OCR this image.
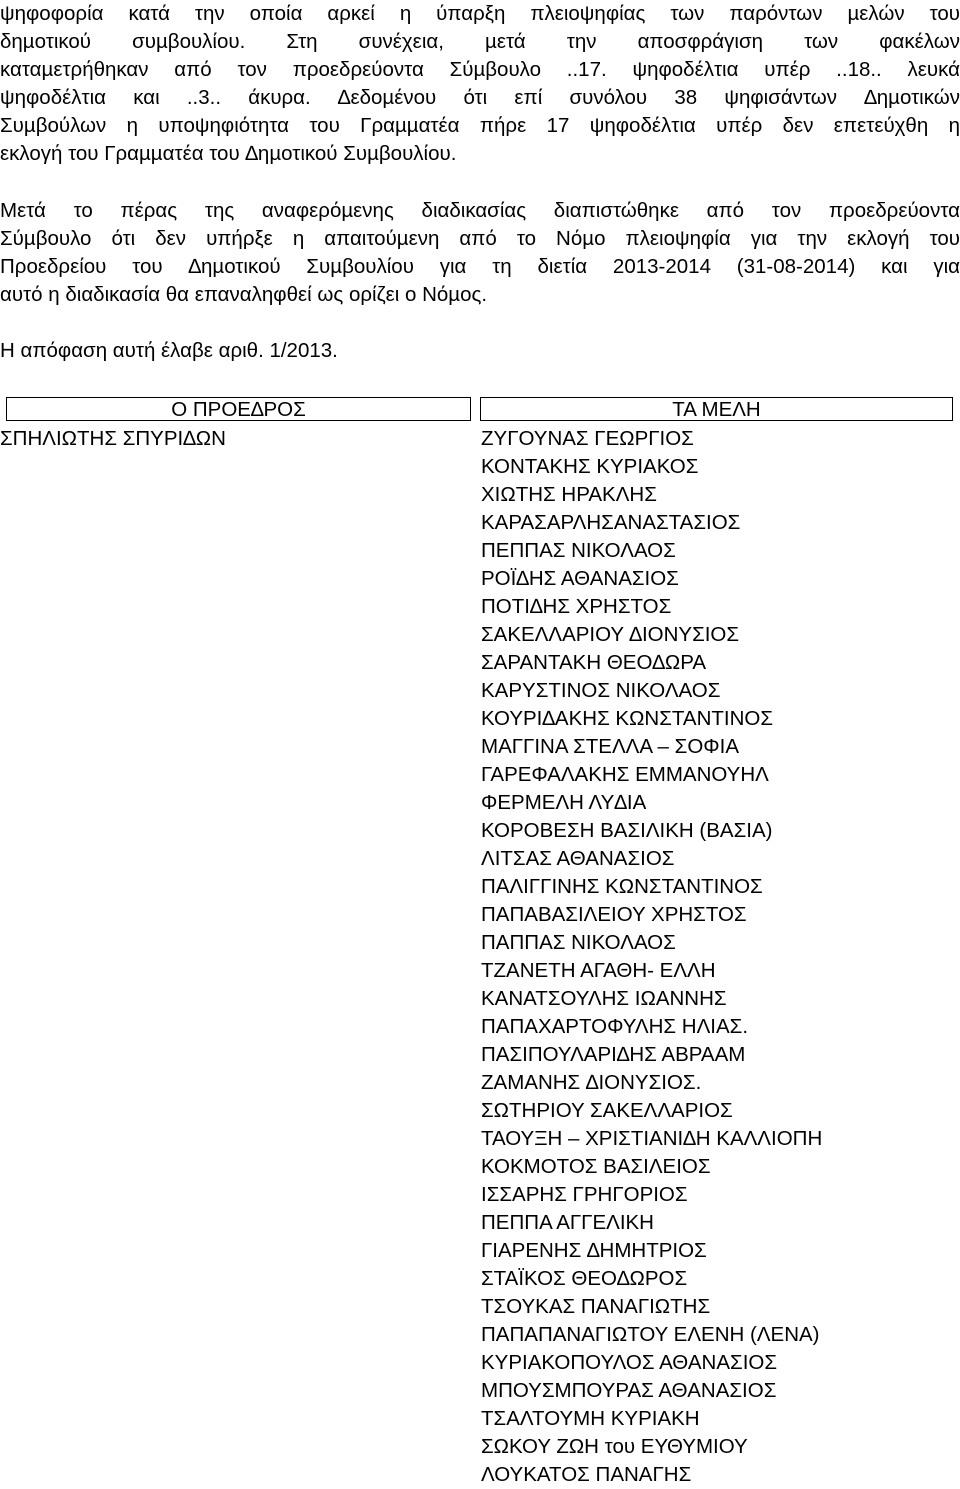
ψηφοφορία κατά την οποία αρκεί η ύπαρξη πλειοψηφίας των παρόντων µελών του
δηµοτικού συµβουλίου. Στη συνέχεια, µετά την αποσφράγιση των φακέλων
καταµετρήθηκαν από τον προεδρεύοντα Σύµβουλο ..17. ψηφοδέλτια υπέρ ..18.. λευκά
ψηφοδέλτια και ..3.. άκυρα. ∆εδοµένου ότι επί συνόλου 38 ψηφισάντων ∆ηµοτικών
Συµβούλων η υποψηφιότητα του Γραµµατέα πήρε 17 ψηφοδέλτια υπέρ δεν επετεύχθη η
εκλογή του Γραµµατέα του ∆ηµοτικού Συµβουλίου.
Μετά το πέρας της αναφερόµενης διαδικασίας διαπιστώθηκε από τον προεδρεύοντα
Σύµβουλο ότι δεν υπήρξε η απαιτούµενη από το Νόµο πλειοψηφία για την εκλογή του
Προεδρείου του ∆ηµοτικού Συµβουλίου για τη διετία 2013-2014 (31-08-2014) και για
αυτό η διαδικασία θα επαναληφθεί ως ορίζει ο Νόµος.
Η απόφαση αυτή έλαβε αριθ. 1/2013.
Ο ΠΡΟΕ∆ΡΟΣ	ΤΑ ΜΕΛΗ
ΣΠΗΛΙΩΤΗΣ ΣΠΥΡΙ∆ΩΝ	ΖΥΓΟΥΝΑΣ ΓΕΩΡΓΙΟΣ
ΚΟΝΤΑΚΗΣ ΚΥΡΙΑΚΟΣ
ΧΙΩΤΗΣ ΗΡΑΚΛΗΣ
ΚΑΡΑΣΑΡΛΗΣΑΝΑΣΤΑΣΙΟΣ
ΠΕΠΠΑΣ ΝΙΚΟΛΑΟΣ
ΡΟΪ∆ΗΣ ΑΘΑΝΑΣΙΟΣ
ΠΟΤΙ∆ΗΣ ΧΡΗΣΤΟΣ
ΣΑΚΕΛΛΑΡΙΟΥ ∆ΙΟΝΥΣΙΟΣ
ΣΑΡΑΝΤΑΚΗ ΘΕΟ∆ΩΡΑ
ΚΑΡΥΣΤΙΝΟΣ ΝΙΚΟΛΑΟΣ
ΚΟΥΡΙ∆ΑΚΗΣ ΚΩΝΣΤΑΝΤΙΝΟΣ
ΜΑΓΓΙΝΑ ΣΤΕΛΛΑ – ΣΟΦΙΑ
ΓΑΡΕΦΑΛΑΚΗΣ ΕΜΜΑΝΟΥΗΛ
ΦΕΡΜΕΛΗ ΛΥ∆ΙΑ
ΚΟΡΟΒΕΣΗ ΒΑΣΙΛΙΚΗ (ΒΑΣΙΑ)
ΛΙΤΣΑΣ ΑΘΑΝΑΣΙΟΣ
ΠΑΛΙΓΓΙΝΗΣ ΚΩΝΣΤΑΝΤΙΝΟΣ
ΠΑΠΑΒΑΣΙΛΕΙΟΥ ΧΡΗΣΤΟΣ
ΠΑΠΠΑΣ ΝΙΚΟΛΑΟΣ
ΤΖΑΝΕΤΗ ΑΓΑΘΗ- ΕΛΛΗ
ΚΑΝΑΤΣΟΥΛΗΣ ΙΩΑΝΝΗΣ
ΠΑΠΑΧΑΡΤΟΦΥΛΗΣ ΗΛΙΑΣ.
ΠΑΣΙΠΟΥΛΑΡΙ∆ΗΣ ΑΒΡΑΑΜ
ΖΑΜΑΝΗΣ ∆ΙΟΝΥΣΙΟΣ.
ΣΩΤΗΡΙΟΥ ΣΑΚΕΛΛΑΡΙΟΣ
ΤΑΟΥΞΗ – ΧΡΙΣΤΙΑΝΙ∆Η ΚΑΛΛΙΟΠΗ
ΚΟΚΜΟΤΟΣ ΒΑΣΙΛΕΙΟΣ
ΙΣΣΑΡΗΣ ΓΡΗΓΟΡΙΟΣ
ΠΕΠΠΑ ΑΓΓΕΛΙΚΗ
ΓΙΑΡΕΝΗΣ ∆ΗΜΗΤΡΙΟΣ
ΣΤΑΪΚΟΣ ΘΕΟ∆ΩΡΟΣ
ΤΣΟΥΚΑΣ ΠΑΝΑΓΙΩΤΗΣ
ΠΑΠΑΠΑΝΑΓΙΩΤΟΥ ΕΛΕΝΗ (ΛΕΝΑ)
ΚΥΡΙΑΚΟΠΟΥΛΟΣ ΑΘΑΝΑΣΙΟΣ
ΜΠΟΥΣΜΠΟΥΡΑΣ ΑΘΑΝΑΣΙΟΣ
ΤΣΑΛΤΟΥΜΗ ΚΥΡΙΑΚΗ
ΣΩΚΟΥ ΖΩΗ του ΕΥΘΥΜΙΟΥ
ΛΟΥΚΑΤΟΣ ΠΑΝΑΓΗΣ
